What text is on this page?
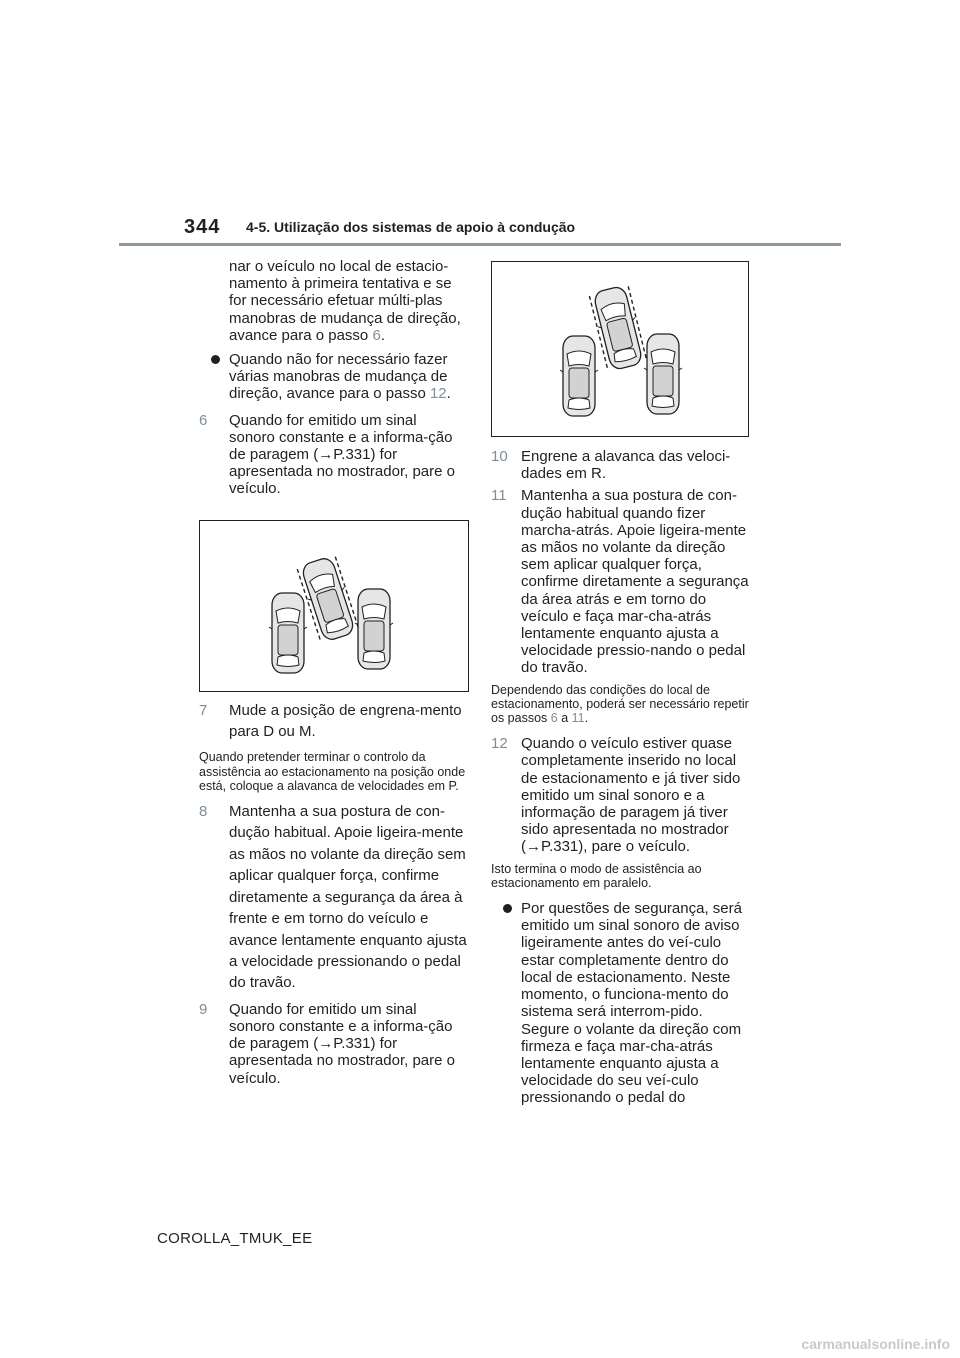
344 4-5. Utilização dos sistemas de apoio à condução

nar o veículo no local de estacio-namento à primeira tentativa e se for necessário efetuar múlti-plas manobras de mudança de direção, avance para o passo 6.

Quando não for necessário fazer várias manobras de mudança de direção, avance para o passo 12.
6	Quando for emitido um sinal sonoro constante e a informa-ção de paragem (→P.331) for apresentada no mostrador, pare o veículo.
7	Mude a posição de engrena-mento para D ou M.

Quando pretender terminar o controlo da assistência ao estacionamento na posição onde está, coloque a alavanca de velocidades em P.

8	Mantenha a sua postura de con-dução habitual. Apoie ligeira-mente as mãos no volante da direção sem aplicar qualquer força, confirme diretamente a segurança da área à frente e em torno do veículo e avance lentamente enquanto ajusta a velocidade pressionando o pedal do travão.
9	Quando for emitido um sinal sonoro constante e a informa-ção de paragem (→P.331) for apresentada no mostrador, pare o veículo.
10 Engrene a alavanca das veloci-dades em R.
11 Mantenha a sua postura de con-dução habitual quando fizer marcha-atrás. Apoie ligeira-mente as mãos no volante da direção sem aplicar qualquer força, confirme diretamente a segurança da área atrás e em torno do veículo e faça mar-cha-atrás lentamente enquanto ajusta a velocidade pressio-nando o pedal do travão.

Dependendo das condições do local de estacionamento, poderá ser necessário repetir os passos 6 a 11.

12 Quando o veículo estiver quase completamente inserido no local de estacionamento e já tiver sido emitido um sinal sonoro e a informação de paragem já tiver sido apresentada no mostrador (→P.331), pare o veículo.

Isto termina o modo de assistência ao estacionamento em paralelo.

Por questões de segurança, será emitido um sinal sonoro de aviso ligeiramente antes do veí-culo estar completamente dentro do local de estacionamento. Neste momento, o funciona-mento do sistema será interrom-pido. Segure o volante da direção com firmeza e faça mar-cha-atrás lentamente enquanto ajusta a velocidade do seu veí-culo pressionando o pedal do
COROLLA_TMUK_EE
carmanualsonline.info
